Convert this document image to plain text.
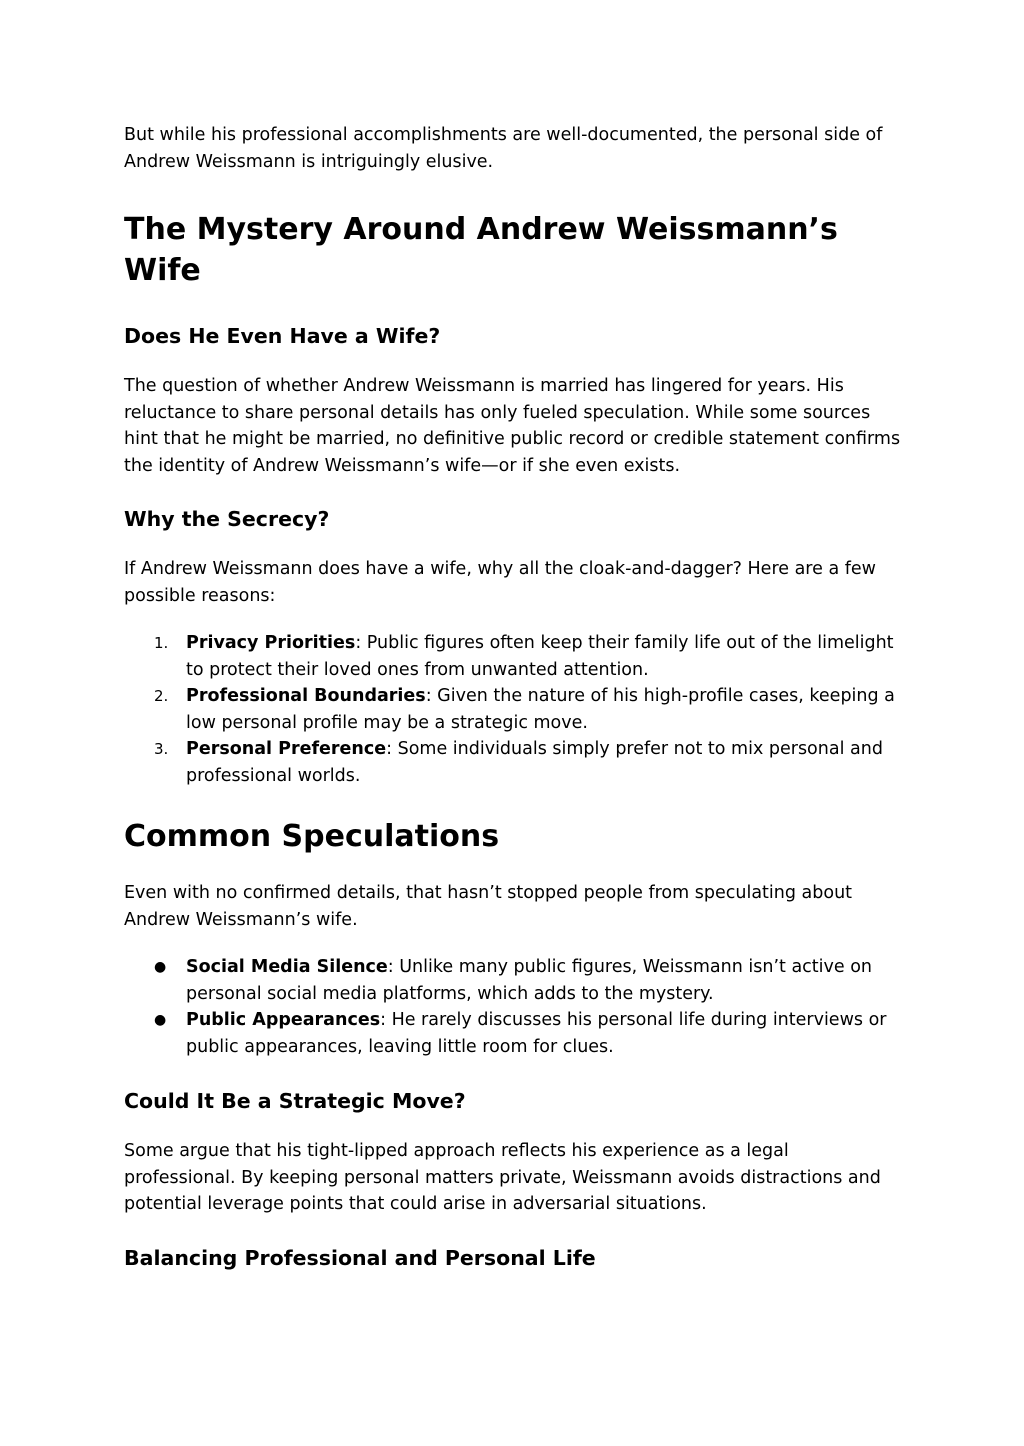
But while his professional accomplishments are well-documented, the personal side of Andrew Weissmann is intriguingly elusive.

The Mystery Around Andrew Weissmann’s Wife
Does He Even Have a Wife?

The question of whether Andrew Weissmann is married has lingered for years. His reluctance to share personal details has only fueled speculation. While some sources hint that he might be married, no definitive public record or credible statement confirms the identity of Andrew Weissmann’s wife—or if she even exists.

Why the Secrecy?

If Andrew Weissmann does have a wife, why all the cloak-and-dagger? Here are a few possible reasons:

1. Privacy Priorities: Public figures often keep their family life out of the limelight to protect their loved ones from unwanted attention.
2. Professional Boundaries: Given the nature of his high-profile cases, keeping a low personal profile may be a strategic move.
3. Personal Preference: Some individuals simply prefer not to mix personal and professional worlds.
Common Speculations

Even with no confirmed details, that hasn’t stopped people from speculating about Andrew Weissmann’s wife.

● Social Media Silence: Unlike many public figures, Weissmann isn’t active on personal social media platforms, which adds to the mystery.
● Public Appearances: He rarely discusses his personal life during interviews or public appearances, leaving little room for clues.
Could It Be a Strategic Move?

Some argue that his tight-lipped approach reflects his experience as a legal professional. By keeping personal matters private, Weissmann avoids distractions and potential leverage points that could arise in adversarial situations.

Balancing Professional and Personal Life
